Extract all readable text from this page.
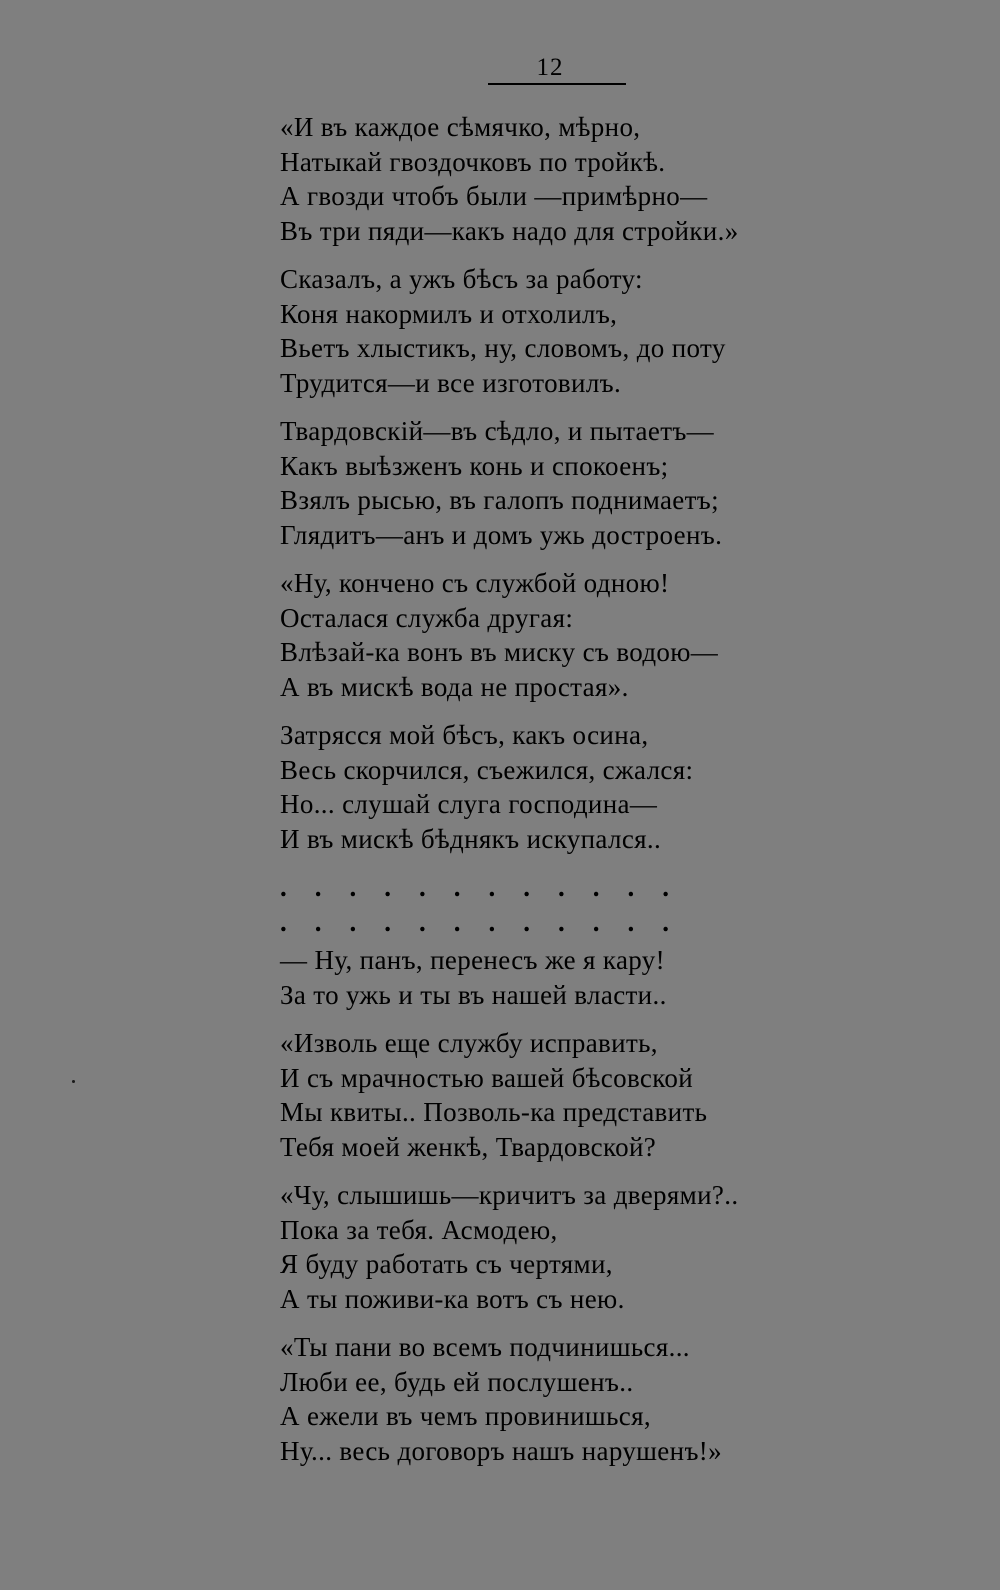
12
«И въ каждое сѣмячко, мѣрно,
Натыкай гвоздочковъ по тройкѣ.
А гвозди чтобъ были —примѣрно—
Въ три пяди—какъ надо для стройки.»
Сказалъ, а ужъ бѣсъ за работу:
Коня накормилъ и отхолилъ,
Вьетъ хлыстикъ, ну, словомъ, до поту
Трудится—и все изготовилъ.
Твардовскій—въ сѣдло, и пытаетъ—
Какъ выѣзженъ конь и спокоенъ;
Взялъ рысью, въ галопъ поднимаетъ;
Глядитъ—анъ и домъ ужь достроенъ.
«Ну, кончено съ службой одною!
Осталася служба другая:
Влѣзай-ка вонъ въ миску съ водою—
А въ мискѣ вода не простая».
Затрясся мой бѣсъ, какъ осина,
Весь скорчился, съежился, сжался:
Но... слушай слуга господина—
И въ мискѣ бѣднякъ искупался..
............
............
— Ну, панъ, перенесъ же я кару!
За то ужь и ты въ нашей власти..
«Изволь еще службу исправить,
И съ мрачностью вашей бѣсовской
Мы квиты.. Позволь-ка представить
Тебя моей женкѣ, Твардовской?
«Чу, слышишь—кричитъ за дверями?..
Пока за тебя. Асмодею,
Я буду работать съ чертями,
А ты поживи-ка вотъ съ нею.
«Ты пани во всемъ подчинишься...
Люби ее, будь ей послушенъ..
А ежели въ чемъ провинишься,
Ну... весь договоръ нашъ нарушенъ!»
